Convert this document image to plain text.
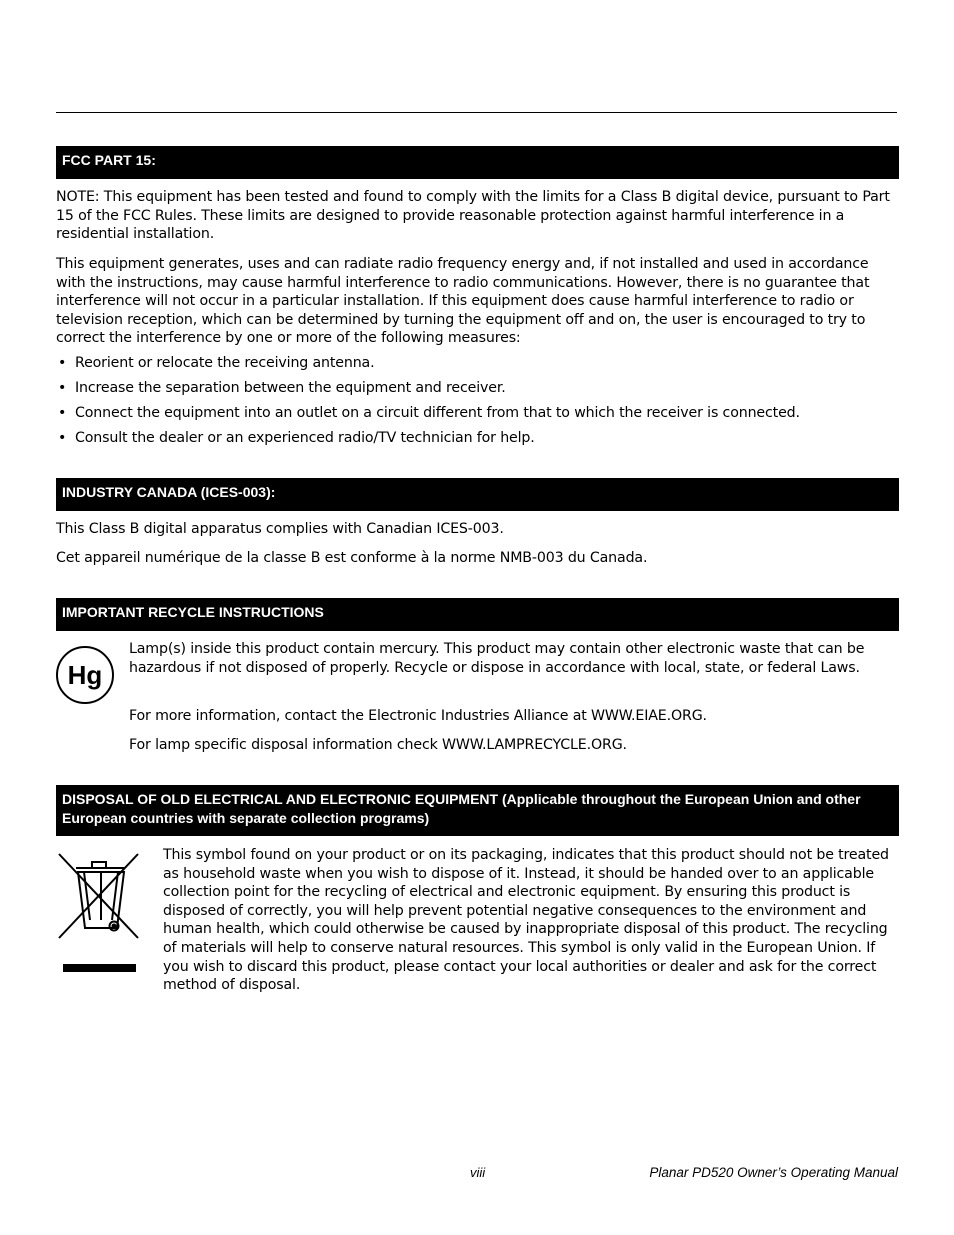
FCC PART 15:

NOTE: This equipment has been tested and found to comply with the limits for a Class B digital device, pursuant to Part 15 of the FCC Rules. These limits are designed to provide reasonable protection against harmful interference in a residential installation.

This equipment generates, uses and can radiate radio frequency energy and, if not installed and used in accordance with the instructions, may cause harmful interference to radio communications. However, there is no guarantee that interference will not occur in a particular installation. If this equipment does cause harmful interference to radio or television reception, which can be determined by turning the equipment off and on, the user is encouraged to try to correct the interference by one or more of the following measures:

• Reorient or relocate the receiving antenna.
• Increase the separation between the equipment and receiver.
• Connect the equipment into an outlet on a circuit different from that to which the receiver is connected.
• Consult the dealer or an experienced radio/TV technician for help.
INDUSTRY CANADA (ICES-003):

This Class B digital apparatus complies with Canadian ICES-003.

Cet appareil numérique de la classe B est conforme à la norme NMB-003 du Canada.

IMPORTANT RECYCLE INSTRUCTIONS
Hg

Lamp(s) inside this product contain mercury. This product may contain other electronic waste that can be hazardous if not disposed of properly. Recycle or dispose in accordance with local, state, or federal Laws.

For more information, contact the Electronic Industries Alliance at WWW.EIAE.ORG.

For lamp specific disposal information check WWW.LAMPRECYCLE.ORG.

DISPOSAL OF OLD ELECTRICAL AND ELECTRONIC EQUIPMENT (Applicable throughout the European Union and other European countries with separate collection programs)

This symbol found on your product or on its packaging, indicates that this product should not be treated as household waste when you wish to dispose of it. Instead, it should be handed over to an applicable collection point for the recycling of electrical and electronic equipment. By ensuring this product is disposed of correctly, you will help prevent potential negative consequences to the environment and human health, which could otherwise be caused by inappropriate disposal of this product. The recycling of materials will help to conserve natural resources. This symbol is only valid in the European Union. If you wish to discard this product, please contact your local authorities or dealer and ask for the correct method of disposal.

viii	Planar PD520 Owner’s Operating Manual
